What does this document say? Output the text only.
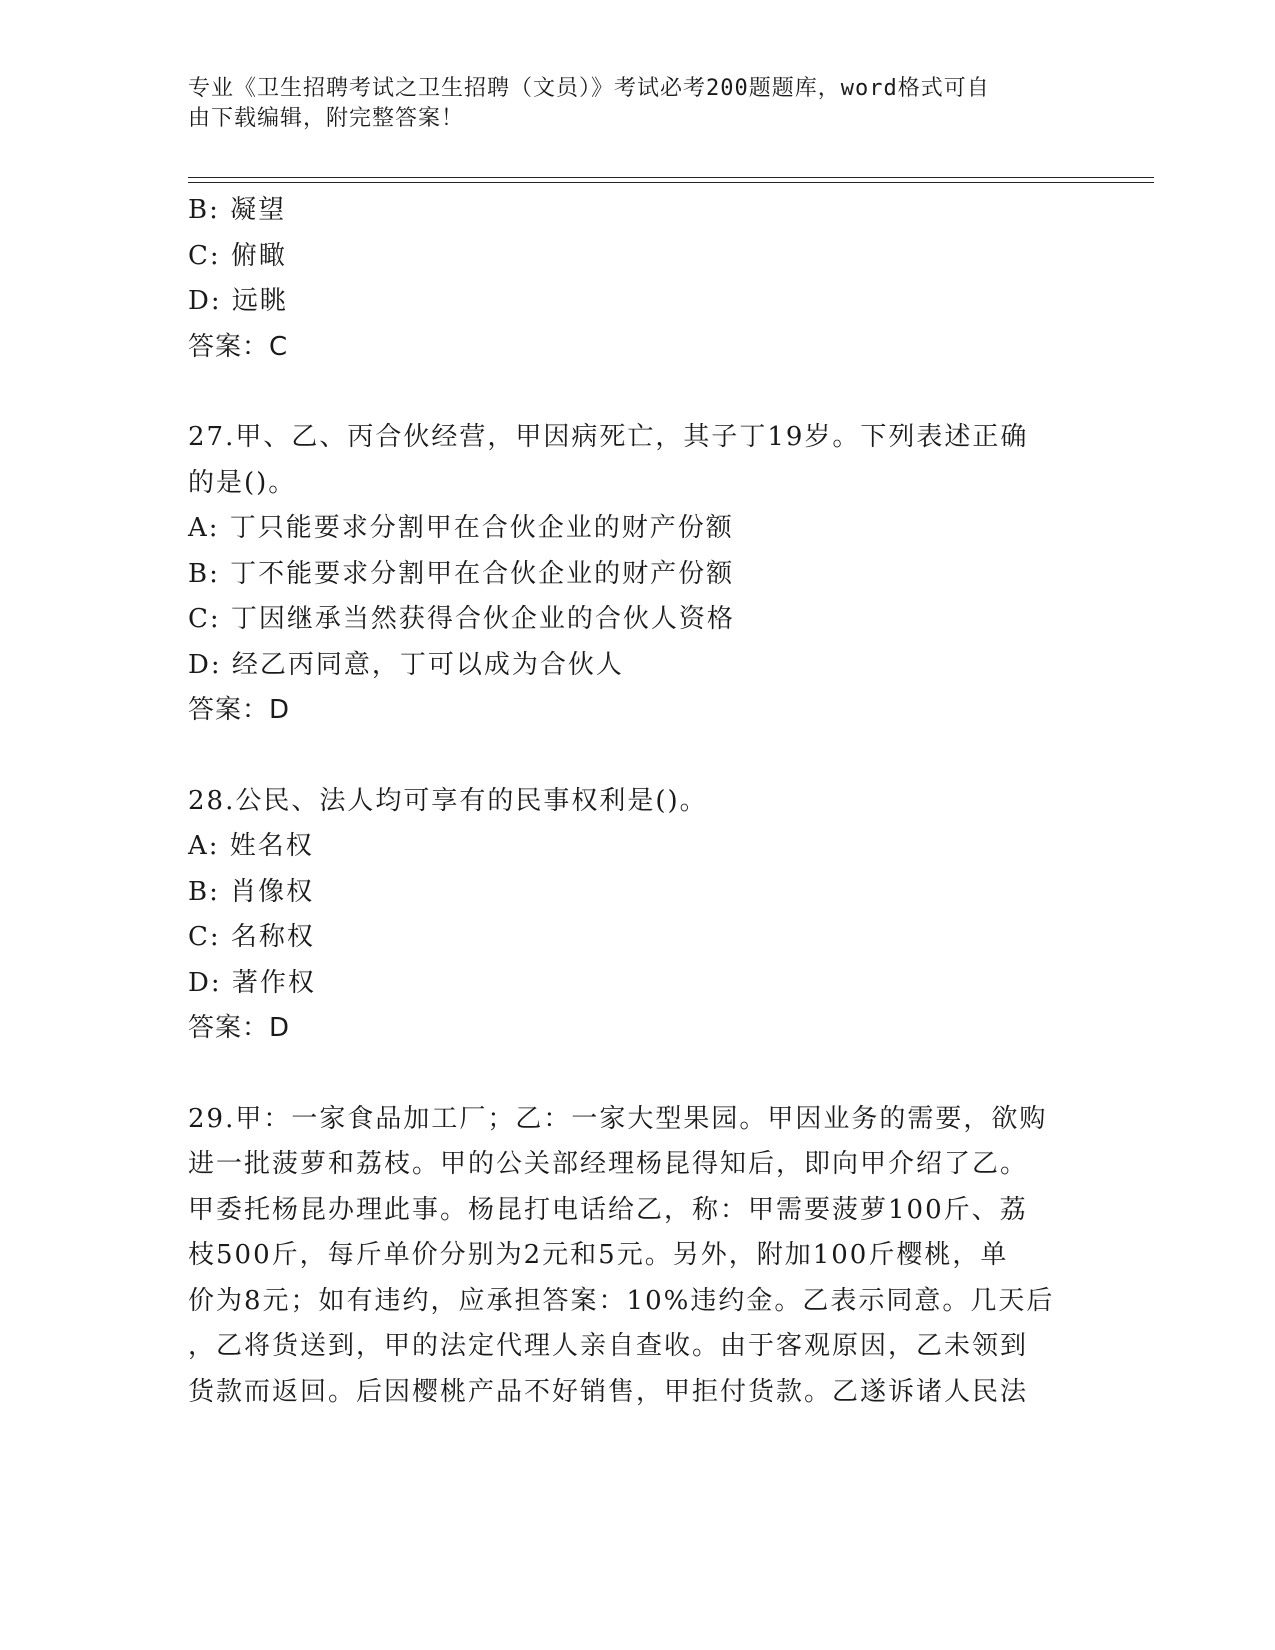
专业《卫生招聘考试之卫生招聘（文员）》考试必考200题题库，word格式可自
由下载编辑，附完整答案！
B: 凝望
C: 俯瞰
D: 远眺
答案：C
27.甲、乙、丙合伙经营，甲因病死亡，其子丁19岁。下列表述正确
的是()。
A: 丁只能要求分割甲在合伙企业的财产份额
B: 丁不能要求分割甲在合伙企业的财产份额
C: 丁因继承当然获得合伙企业的合伙人资格
D: 经乙丙同意，丁可以成为合伙人
答案：D
28.公民、法人均可享有的民事权利是()。
A: 姓名权
B: 肖像权
C: 名称权
D: 著作权
答案：D
29.甲：一家食品加工厂；乙：一家大型果园。甲因业务的需要，欲购
进一批菠萝和荔枝。甲的公关部经理杨昆得知后，即向甲介绍了乙。
甲委托杨昆办理此事。杨昆打电话给乙，称：甲需要菠萝100斤、荔
枝500斤，每斤单价分别为2元和5元。另外，附加100斤樱桃，单
价为8元；如有违约，应承担答案：10%违约金。乙表示同意。几天后
，乙将货送到，甲的法定代理人亲自查收。由于客观原因，乙未领到
货款而返回。后因樱桃产品不好销售，甲拒付货款。乙遂诉诸人民法
